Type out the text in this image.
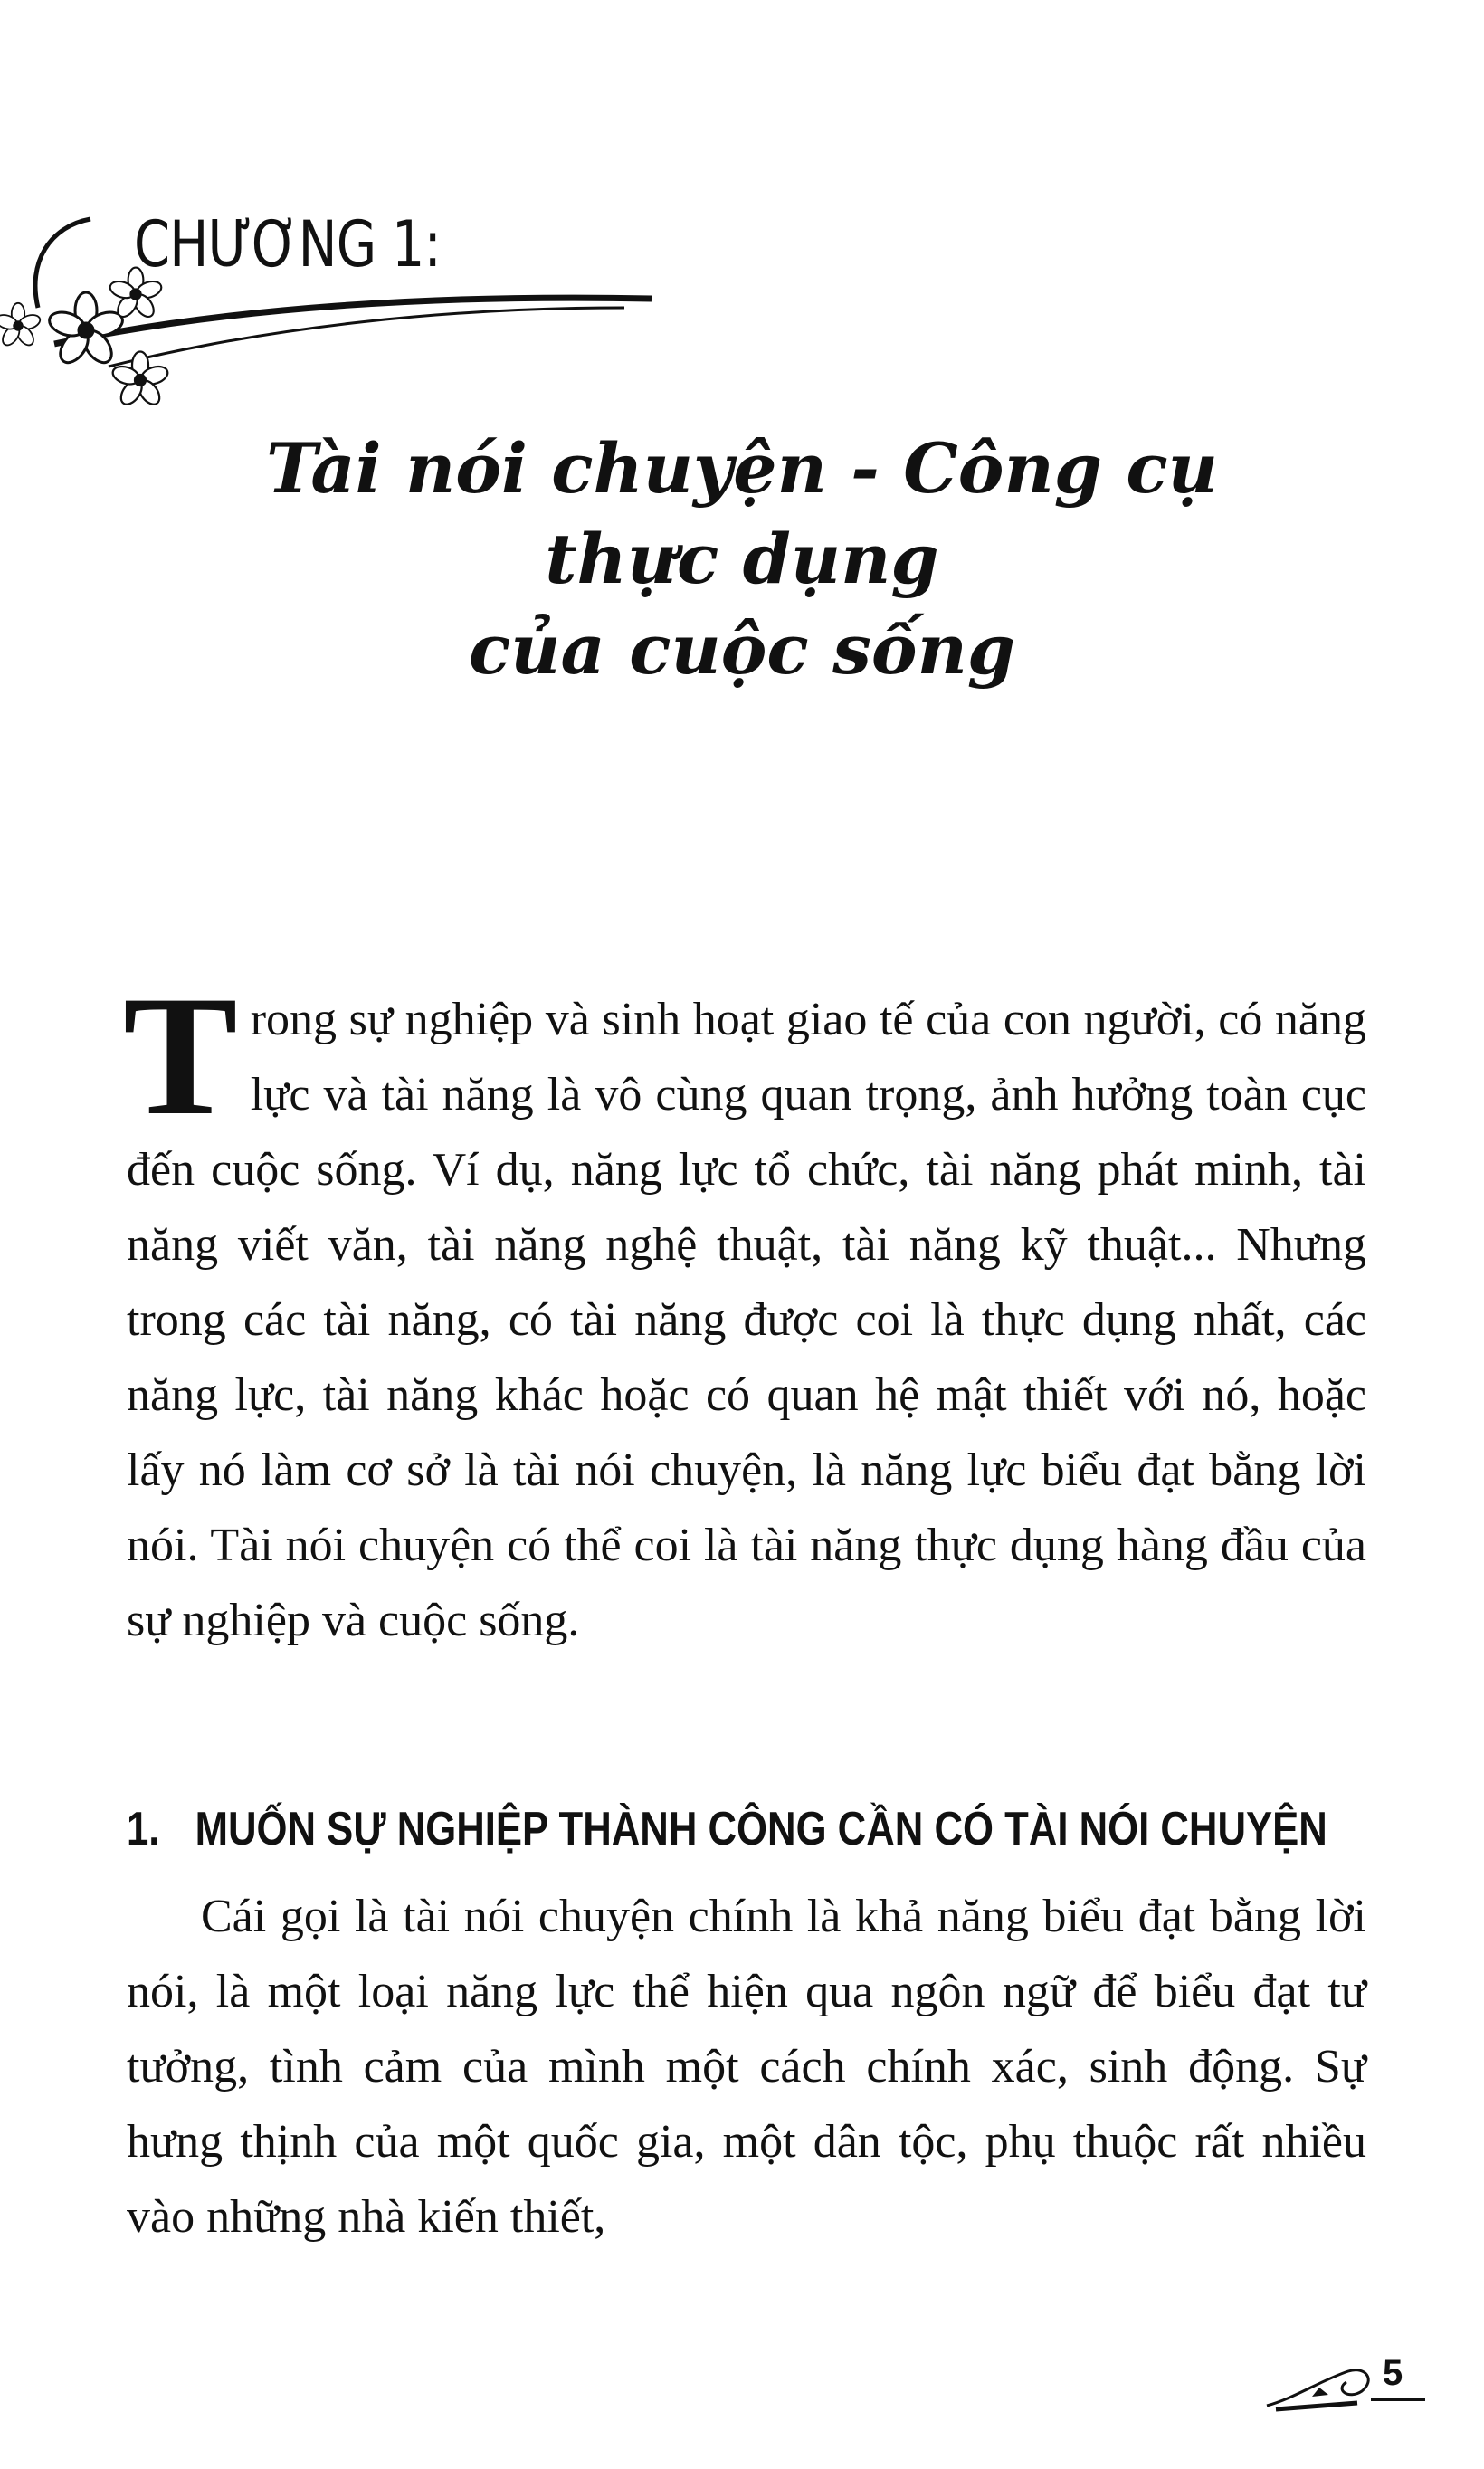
CHƯƠNG 1:
Tài nói chuyện - Công cụ thực dụng
của cuộc sống

Trong sự nghiệp và sinh hoạt giao tế của con người, có năng lực và tài năng là vô cùng quan trọng, ảnh hưởng toàn cục đến cuộc sống. Ví dụ, năng lực tổ chức, tài năng phát minh, tài năng viết văn, tài năng nghệ thuật, tài năng kỹ thuật... Nhưng trong các tài năng, có tài năng được coi là thực dụng nhất, các năng lực, tài năng khác hoặc có quan hệ mật thiết với nó, hoặc lấy nó làm cơ sở là tài nói chuyện, là năng lực biểu đạt bằng lời nói. Tài nói chuyện có thể coi là tài năng thực dụng hàng đầu của sự nghiệp và cuộc sống.

1. MUỐN SỰ NGHIỆP THÀNH CÔNG CẦN CÓ TÀI NÓI CHUYỆN

Cái gọi là tài nói chuyện chính là khả năng biểu đạt bằng lời nói, là một loại năng lực thể hiện qua ngôn ngữ để biểu đạt tư tưởng, tình cảm của mình một cách chính xác, sinh động. Sự hưng thịnh của một quốc gia, một dân tộc, phụ thuộc rất nhiều vào những nhà kiến thiết,

5
